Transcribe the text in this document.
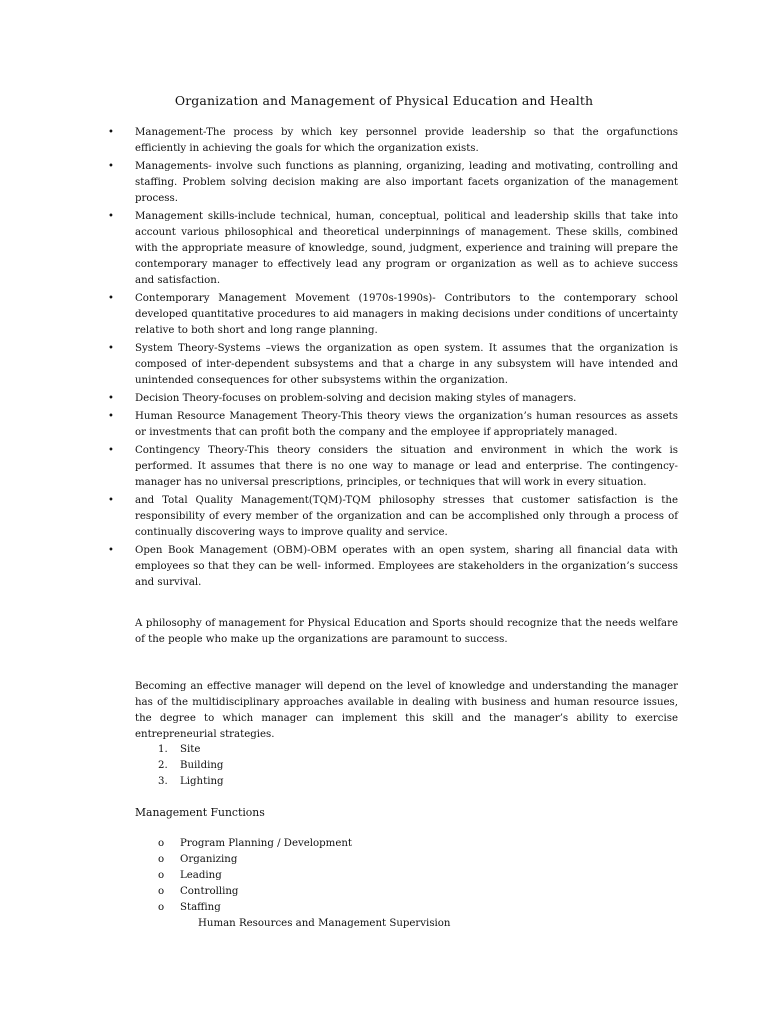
Organization and Management of Physical Education and Health
• Management-The process by which key personnel provide leadership so that the orgafunctions efficiently in achieving the goals for which the organization exists.
• Managements- involve such functions as planning, organizing, leading and motivating, controlling and staffing. Problem solving decision making are also important facets organization of the management process.
• Management skills-include technical, human, conceptual, political and leadership skills that take into account various philosophical and theoretical underpinnings of management. These skills, combined with the appropriate measure of knowledge, sound, judgment, experience and training will prepare the contemporary manager to effectively lead any program or organization as well as to achieve success and satisfaction.
• Contemporary Management Movement (1970s-1990s)- Contributors to the contemporary school developed quantitative procedures to aid managers in making decisions under conditions of uncertainty relative to both short and long range planning.
• System Theory-Systems –views the organization as open system. It assumes that the organization is composed of inter-dependent subsystems and that a charge in any subsystem will have intended and unintended consequences for other subsystems within the organization.
• Decision Theory-focuses on problem-solving and decision making styles of managers.
• Human Resource Management Theory-This theory views the organization’s human resources as assets or investments that can profit both the company and the employee if appropriately managed.
• Contingency Theory-This theory considers the situation and environment in which the work is performed. It assumes that there is no one way to manage or lead and enterprise. The contingency-manager has no universal prescriptions, principles, or techniques that will work in every situation.
• and Total Quality Management(TQM)-TQM philosophy stresses that customer satisfaction is the responsibility of every member of the organization and can be accomplished only through a process of continually discovering ways to improve quality and service.
• Open Book Management (OBM)-OBM operates with an open system, sharing all financial data with employees so that they can be well- informed. Employees are stakeholders in the organization’s success and survival.

A philosophy of management for Physical Education and Sports should recognize that the needs welfare of the people who make up the organizations are paramount to success.

Becoming an effective manager will depend on the level of knowledge and understanding the manager has of the multidisciplinary approaches available in dealing with business and human resource issues, the degree to which manager can implement this skill and the manager’s ability to exercise entrepreneurial strategies.

1. Site
2. Building
3. Lighting
Management Functions
o Program Planning / Development
o Organizing
o Leading
o Controlling
o Staffing

Human Resources and Management Supervision
